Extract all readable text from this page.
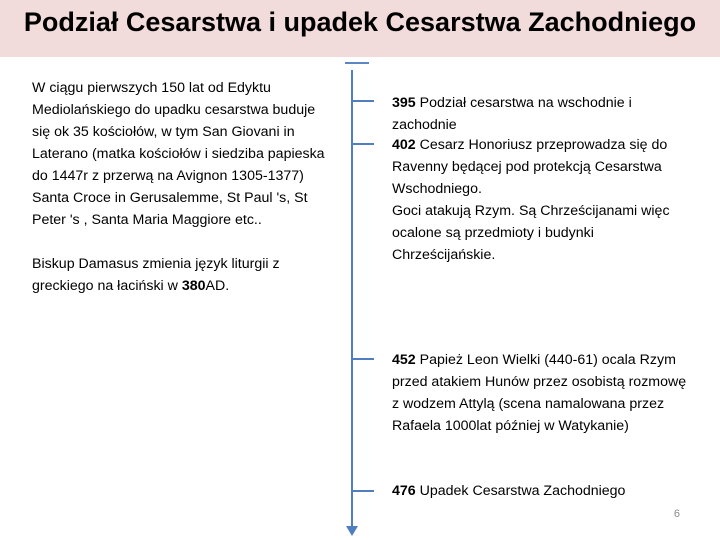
Podział Cesarstwa i upadek Cesarstwa Zachodniego

W ciągu pierwszych 150 lat od Edyktu Mediolańskiego do upadku cesarstwa buduje się ok 35 kościołów, w tym San Giovani in Laterano (matka kościołów i siedziba papieska do 1447r z przerwą na Avignon 1305-1377)

Santa Croce in Gerusalemme, St Paul 's, St Peter 's , Santa Maria Maggiore etc..

Biskup Damasus zmienia język liturgii z greckiego na łaciński w 380AD.

395 Podział cesarstwa na wschodnie i zachodnie

402 Cesarz Honoriusz przeprowadza się do Ravenny będącej pod protekcją Cesarstwa Wschodniego.

Goci atakują Rzym. Są Chrześcijanami więc ocalone są przedmioty i budynki Chrześcijańskie.

452 Papież Leon Wielki (440-61) ocala Rzym przed atakiem Hunów przez osobistą rozmowę z wodzem Attylą (scena namalowana przez Rafaela 1000lat później w Watykanie)

476 Upadek Cesarstwa Zachodniego

6
